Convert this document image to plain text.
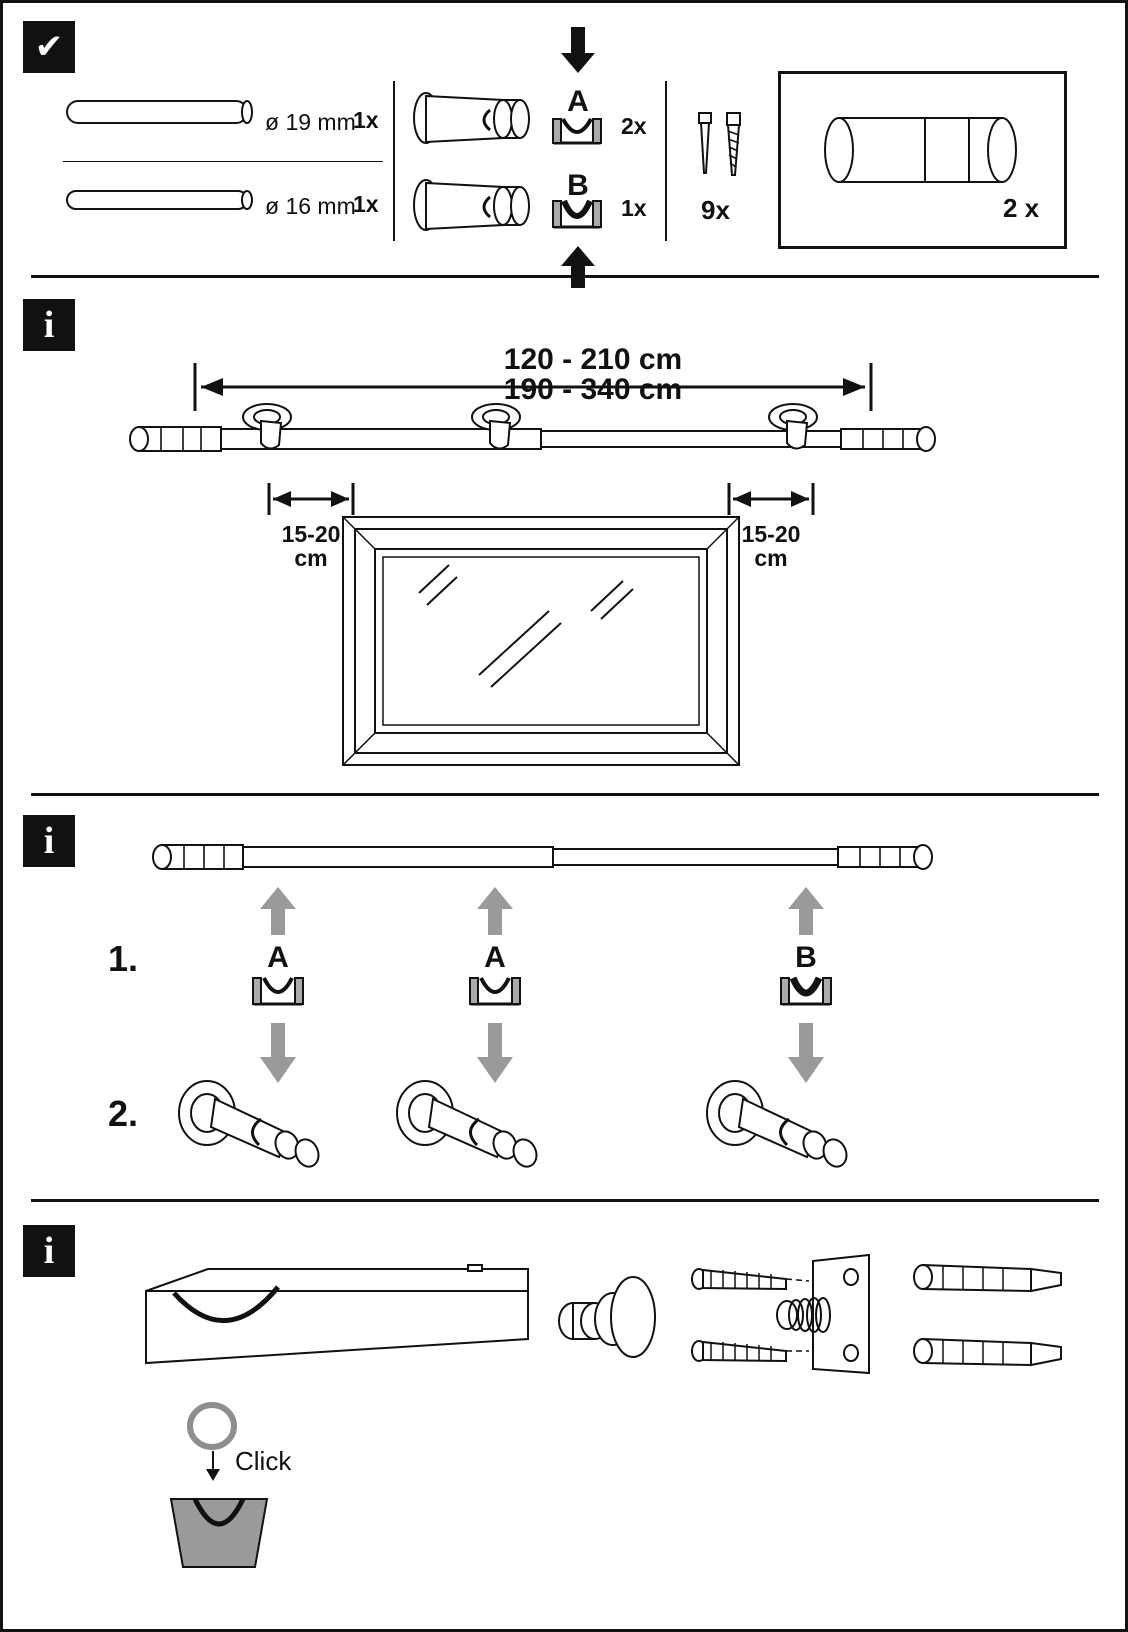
✔
ø 19 mm
1x
ø 16 mm
1x
A
2x
B
1x 9x	2 x
i
120 - 210 cm
190 - 340 cm
15-20
cm
15-20
cm
i
1.
2.
A	A	B
i
Click
